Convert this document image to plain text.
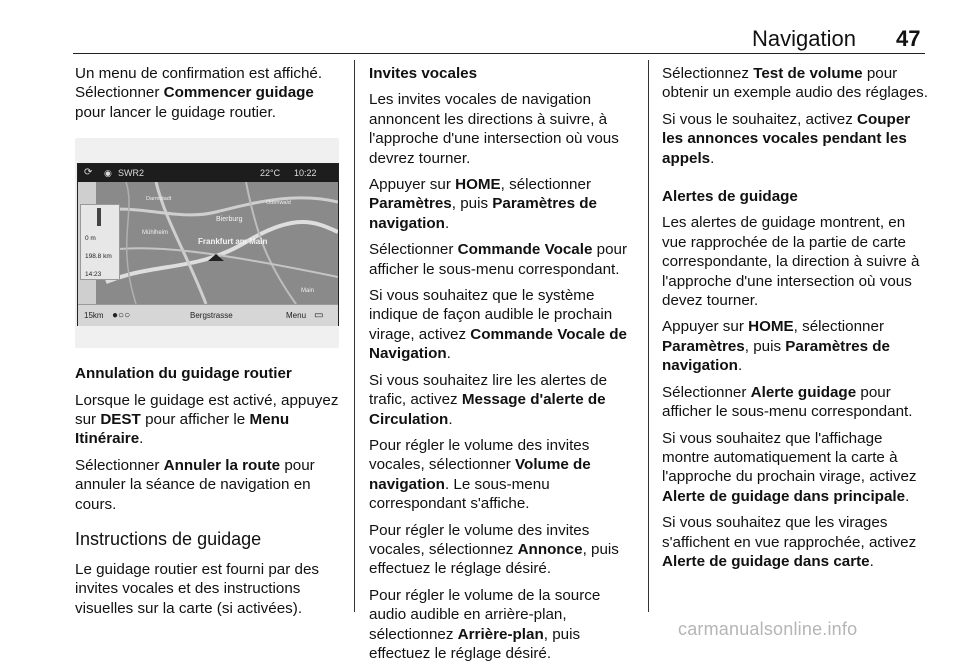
Navigation 47

Un menu de confirmation est affiché. Sélectionner Commencer guidage pour lancer le guidage routier.

⟳ ◉ SWR2	22°C 10:22
Darmstadt
Odenwald
Bierburg
Frankfurt am Main
Mühlheim
Main
0 m
198.8 km
14:23
15km ●○○	Bergstrasse	Menu ▭

Annulation du guidage routier

Lorsque le guidage est activé, appuyez sur DEST pour afficher le Menu Itinéraire.

Sélectionner Annuler la route pour annuler la séance de navigation en cours.

Instructions de guidage

Le guidage routier est fourni par des invites vocales et des instructions visuelles sur la carte (si activées).

Invites vocales

Les invites vocales de navigation annoncent les directions à suivre, à l'approche d'une intersection où vous devrez tourner.

Appuyer sur HOME, sélectionner Paramètres, puis Paramètres de navigation.

Sélectionner Commande Vocale pour afficher le sous-menu correspondant.

Si vous souhaitez que le système indique de façon audible le prochain virage, activez Commande Vocale de Navigation.

Si vous souhaitez lire les alertes de trafic, activez Message d'alerte de Circulation.

Pour régler le volume des invites vocales, sélectionner Volume de navigation. Le sous-menu correspondant s'affiche.

Pour régler le volume des invites vocales, sélectionnez Annonce, puis effectuez le réglage désiré.

Pour régler le volume de la source audio audible en arrière-plan, sélectionnez Arrière-plan, puis effectuez le réglage désiré.

Sélectionnez Test de volume pour obtenir un exemple audio des réglages.

Si vous le souhaitez, activez Couper les annonces vocales pendant les appels.

Alertes de guidage

Les alertes de guidage montrent, en vue rapprochée de la partie de carte correspondante, la direction à suivre à l'approche d'une intersection où vous devez tourner.

Appuyer sur HOME, sélectionner Paramètres, puis Paramètres de navigation.

Sélectionner Alerte guidage pour afficher le sous-menu correspondant.

Si vous souhaitez que l'affichage montre automatiquement la carte à l'approche du prochain virage, activez Alerte de guidage dans principale.

Si vous souhaitez que les virages s'affichent en vue rapprochée, activez Alerte de guidage dans carte.

carmanualsonline.info
